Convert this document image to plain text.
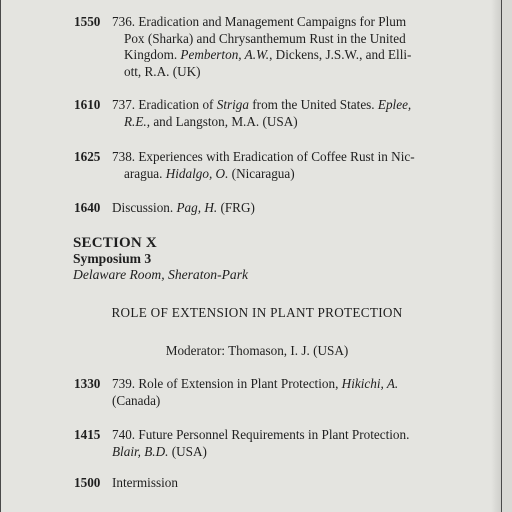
1550 736. Eradication and Management Campaigns for Plum
Pox (Sharka) and Chrysanthemum Rust in the United
Kingdom. Pemberton, A.W., Dickens, J.S.W., and Elli-
ott, R.A. (UK)
1610 737. Eradication of Striga from the United States. Eplee,
R.E., and Langston, M.A. (USA)
1625 738. Experiences with Eradication of Coffee Rust in Nic-
aragua. Hidalgo, O. (Nicaragua)
1640 Discussion. Pag, H. (FRG)
SECTION X
Symposium 3
Delaware Room, Sheraton-Park
ROLE OF EXTENSION IN PLANT PROTECTION
Moderator: Thomason, I. J. (USA)
1330 739. Role of Extension in Plant Protection, Hikichi, A.
(Canada)
1415 740. Future Personnel Requirements in Plant Protection.
Blair, B.D. (USA)
1500 Intermission
